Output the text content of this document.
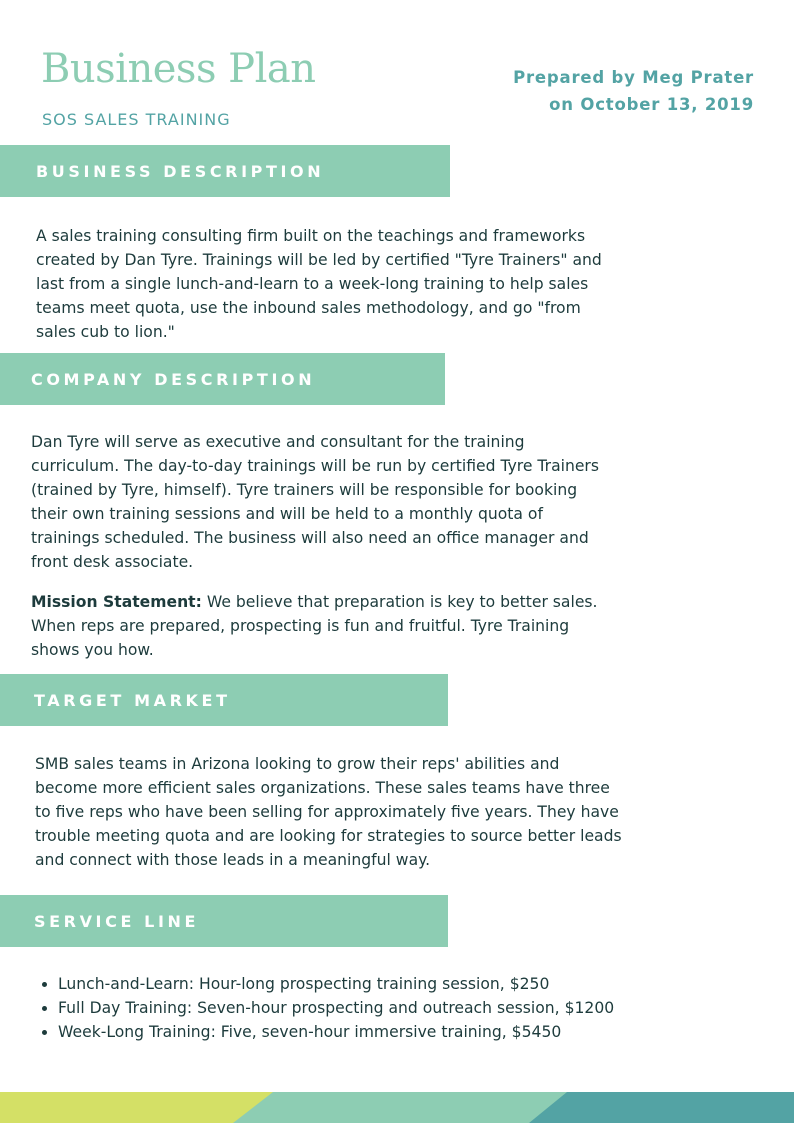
Business Plan
SOS SALES TRAINING
Prepared by Meg Prater
on October 13, 2019
BUSINESS DESCRIPTION
A sales training consulting firm built on the teachings and frameworks created by Dan Tyre. Trainings will be led by certified "Tyre Trainers" and last from a single lunch-and-learn to a week-long training to help sales teams meet quota, use the inbound sales methodology, and go "from sales cub to lion."
COMPANY DESCRIPTION
Dan Tyre will serve as executive and consultant for the training curriculum. The day-to-day trainings will be run by certified Tyre Trainers (trained by Tyre, himself). Tyre trainers will be responsible for booking their own training sessions and will be held to a monthly quota of trainings scheduled. The business will also need an office manager and front desk associate.
Mission Statement: We believe that preparation is key to better sales. When reps are prepared, prospecting is fun and fruitful. Tyre Training shows you how.
TARGET MARKET
SMB sales teams in Arizona looking to grow their reps' abilities and become more efficient sales organizations. These sales teams have three to five reps who have been selling for approximately five years. They have trouble meeting quota and are looking for strategies to source better leads and connect with those leads in a meaningful way.
SERVICE LINE
• Lunch-and-Learn: Hour-long prospecting training session, $250
• Full Day Training: Seven-hour prospecting and outreach session, $1200
• Week-Long Training: Five, seven-hour immersive training, $5450
